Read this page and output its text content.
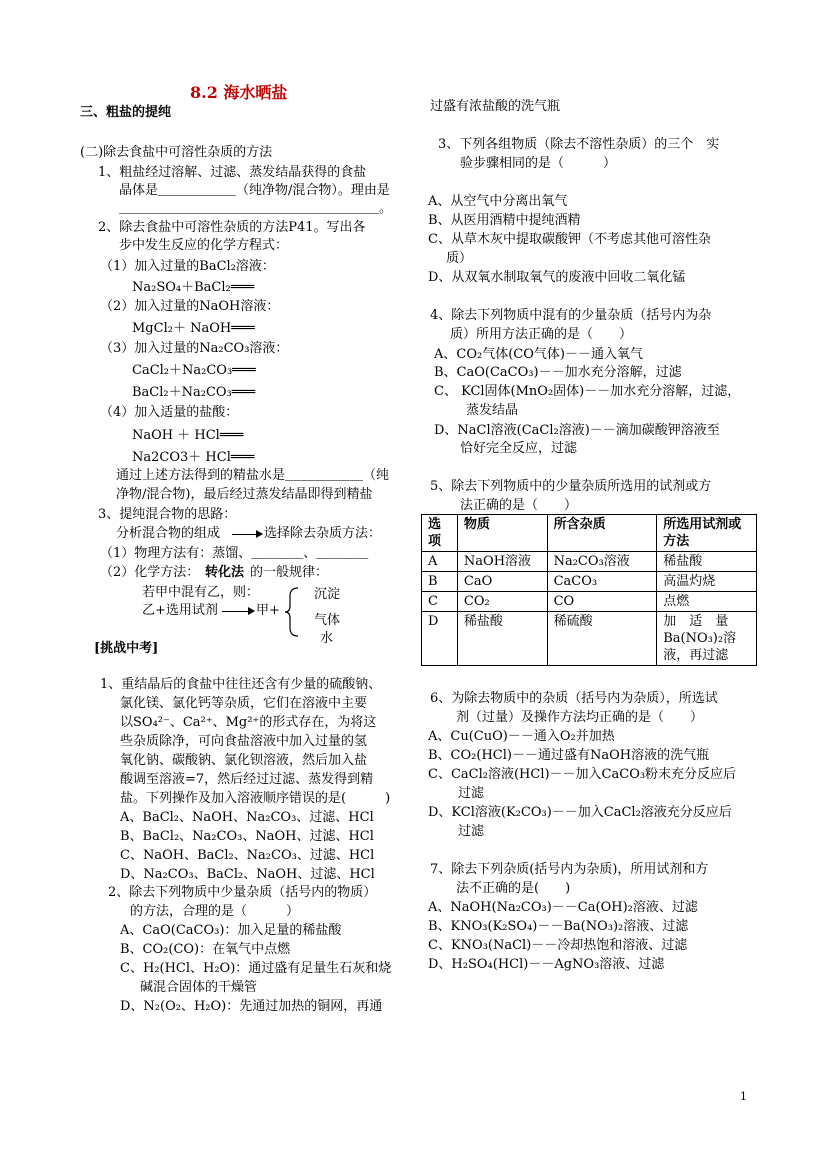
8.2 海水晒盐
三、粗盐的提纯
(二)除去食盐中可溶性杂质的方法
1、粗盐经过溶解、过滤、蒸发结晶获得的食盐
晶体是＿＿＿＿＿＿（纯净物/混合物）。理由是
＿＿＿＿＿＿＿＿＿＿＿＿＿＿＿＿＿＿＿＿。
2、除去食盐中可溶性杂质的方法P41。写出各
步中发生反应的化学方程式：
（1）加入过量的BaCl₂溶液：
Na₂SO₄＋BaCl₂═══
（2）加入过量的NaOH溶液：
MgCl₂＋ NaOH═══
（3）加入过量的Na₂CO₃溶液：
CaCl₂＋Na₂CO₃═══
BaCl₂＋Na₂CO₃═══
（4）加入适量的盐酸：
NaOH ＋ HCl═══
Na2CO3＋ HCl═══
通过上述方法得到的精盐水是＿＿＿＿＿＿（纯
净物/混合物)，最后经过蒸发结晶即得到精盐
3、提纯混合物的思路：
分析混合物的组成	选择除去杂质方法：
（1）物理方法有：蒸馏、＿＿＿＿、＿＿＿＿
（2）化学方法： 转化法 的一般规律：
若甲中混有乙，则：
乙+选用试剂	甲+
沉淀
气体
水
[挑战中考]
1、重结晶后的食盐中往往还含有少量的硫酸钠、
氯化镁、氯化钙等杂质，它们在溶液中主要
以SO₄²⁻、Ca²⁺、Mg²⁺的形式存在，为将这
些杂质除净，可向食盐溶液中加入过量的氢
氧化钠、碳酸钠、氯化钡溶液，然后加入盐
酸调至溶液=7，然后经过过滤、蒸发得到精
盐。下列操作及加入溶液顺序错误的是(　　　)
A、BaCl₂、NaOH、Na₂CO₃、过滤、HCl
B、BaCl₂、Na₂CO₃、NaOH、过滤、HCl
C、NaOH、BaCl₂、Na₂CO₃、过滤、HCl
D、Na₂CO₃、BaCl₂、NaOH、过滤、HCl
2、除去下列物质中少量杂质（括号内的物质）
的方法，合理的是（　　　）
A、CaO(CaCO₃)：加入足量的稀盐酸
B、CO₂(CO)：在氧气中点燃
C、H₂(HCl、H₂O)：通过盛有足量生石灰和烧
碱混合固体的干燥管
D、N₂(O₂、H₂O)：先通过加热的铜网，再通
过盛有浓盐酸的洗气瓶
3、下列各组物质（除去不溶性杂质）的三个　实
验步骤相同的是（　　　）
A、从空气中分离出氧气
B、从医用酒精中提纯酒精
C、从草木灰中提取碳酸钾（不考虑其他可溶性杂
质）
D、从双氧水制取氧气的废液中回收二氧化锰
4、除去下列物质中混有的少量杂质（括号内为杂
质）所用方法正确的是（　　）
A、CO₂气体(CO气体)－－通入氧气
B、CaO(CaCO₃)－－加水充分溶解，过滤
C、 KCl固体(MnO₂固体)－－加水充分溶解，过滤，
蒸发结晶
D、NaCl溶液(CaCl₂溶液)－－滴加碳酸钾溶液至
恰好完全反应，过滤
5、除去下列物质中的少量杂质所选用的试剂或方
法正确的是（　　）
选项	物质	所含杂质	所选用试剂或方法
A	NaOH溶液	Na₂CO₃溶液	稀盐酸
B	CaO	CaCO₃	高温灼烧
C	CO₂	CO	点燃
D	稀盐酸	稀硫酸	加　适　量Ba(NO₃)₂溶液，再过滤
6、为除去物质中的杂质（括号内为杂质），所选试
剂（过量）及操作方法均正确的是（　　）
A、Cu(CuO)－－通入O₂并加热
B、CO₂(HCl)－－通过盛有NaOH溶液的洗气瓶
C、CaCl₂溶液(HCl)－－加入CaCO₃粉末充分反应后
过滤
D、KCl溶液(K₂CO₃)－－加入CaCl₂溶液充分反应后
过滤
7、除去下列杂质(括号内为杂质)，所用试剂和方
法不正确的是(　　)
A、NaOH(Na₂CO₃)－－Ca(OH)₂溶液、过滤
B、KNO₃(K₂SO₄)－－Ba(NO₃)₂溶液、过滤
C、KNO₃(NaCl)－－冷却热饱和溶液、过滤
D、H₂SO₄(HCl)－－AgNO₃溶液、过滤
1
